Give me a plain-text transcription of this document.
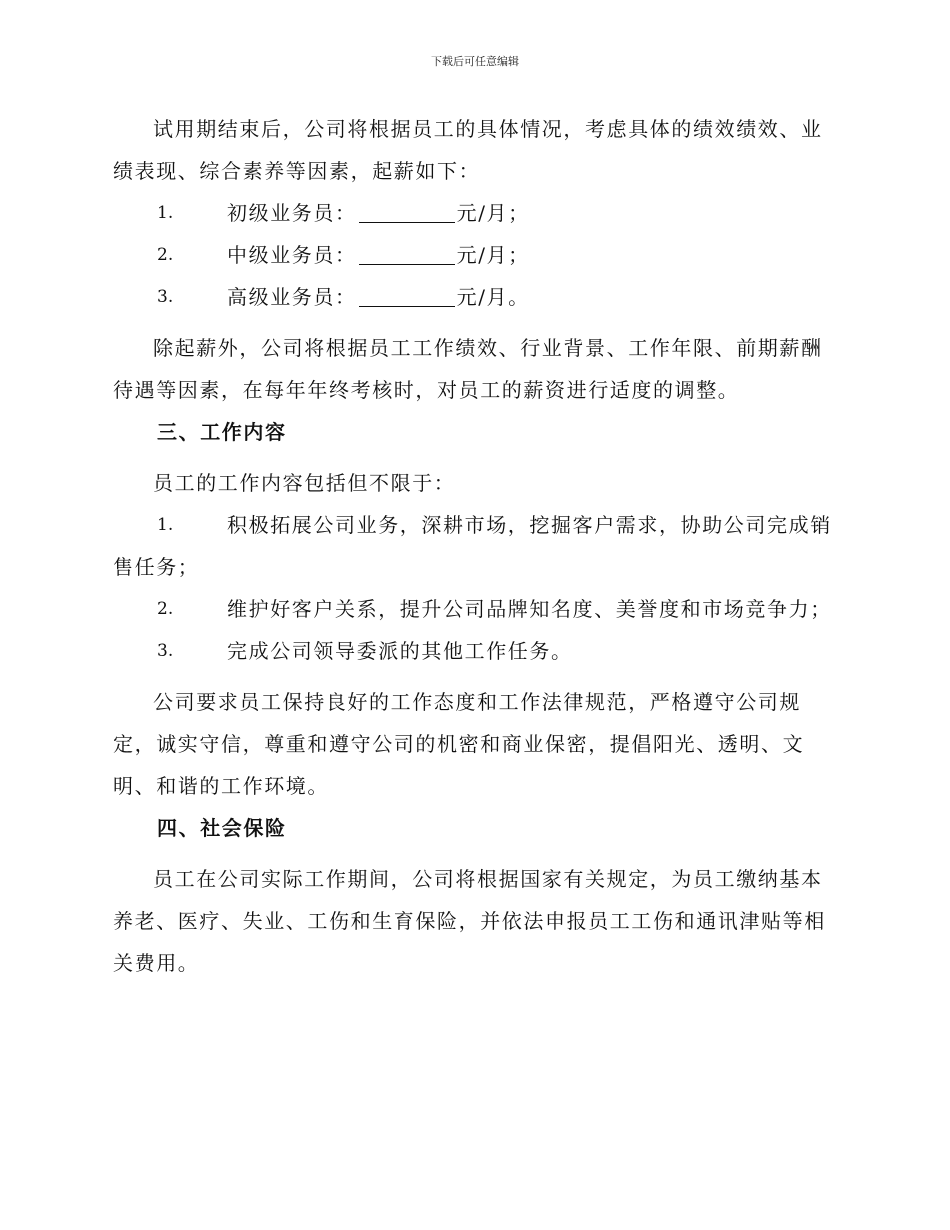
下载后可任意编辑

试用期结束后，公司将根据员工的具体情况，考虑具体的绩效绩效、业绩表现、综合素养等因素，起薪如下：

1.	初级业务员：	元/月；
2.	中级业务员：	元/月；
3.	高级业务员：	元/月。

除起薪外，公司将根据员工工作绩效、行业背景、工作年限、前期薪酬待遇等因素，在每年年终考核时，对员工的薪资进行适度的调整。

三、工作内容

员工的工作内容包括但不限于：

1.	积极拓展公司业务，深耕市场，挖掘客户需求，协助公司完成销售任务；
2.	维护好客户关系，提升公司品牌知名度、美誉度和市场竞争力；
3.	完成公司领导委派的其他工作任务。

公司要求员工保持良好的工作态度和工作法律规范，严格遵守公司规定，诚实守信，尊重和遵守公司的机密和商业保密，提倡阳光、透明、文明、和谐的工作环境。

四、社会保险

员工在公司实际工作期间，公司将根据国家有关规定，为员工缴纳基本养老、医疗、失业、工伤和生育保险，并依法申报员工工伤和通讯津贴等相关费用。
